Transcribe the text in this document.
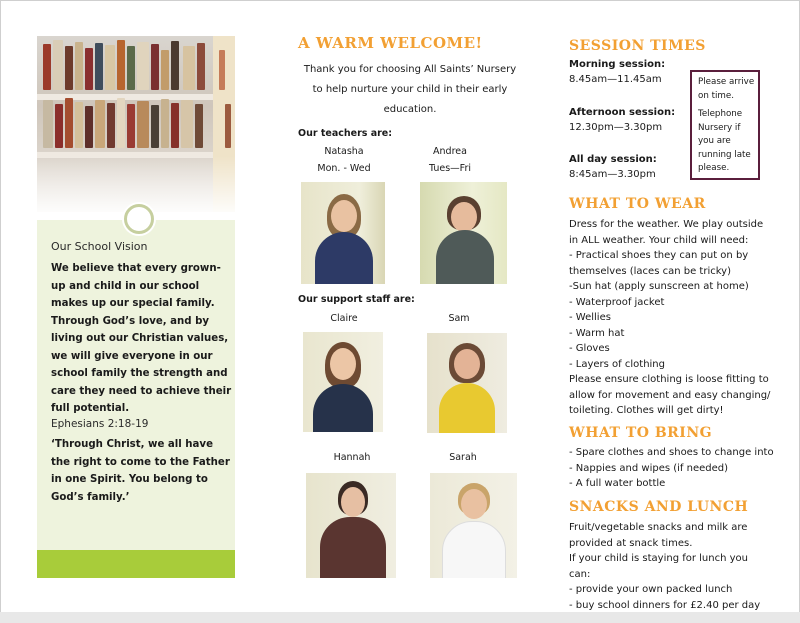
Our School Vision
We believe that every grown-up and child in our school makes up our special family. Through God’s love, and by living out our Christian values, we will give everyone in our school family the strength and care they need to achieve their full potential.
Ephesians 2:18-19
‘Through Christ, we all have the right to come to the Father in one Spirit. You belong to God’s family.’
A WARM WELCOME!
Thank you for choosing All Saints’ Nursery to help nurture your child in their early education.
Our teachers are:
Natasha
Mon. - Wed
Andrea
Tues—Fri
Our support staff are:
Claire	Sam
Hannah	Sarah
SESSION TIMES
Morning session:
8.45am—11.45am
Afternoon session:
12.30pm—3.30pm
All day session:
8:45am—3.30pm
Please arrive on time.
Telephone Nursery if you are running late please.
WHAT TO WEAR
Dress for the weather. We play outside in ALL weather. Your child will need:
- Practical shoes they can put on by themselves (laces can be tricky)
-Sun hat (apply sunscreen at home)
- Waterproof jacket
- Wellies
- Warm hat
- Gloves
- Layers of clothing
Please ensure clothing is loose fitting to allow for movement and easy changing/ toileting. Clothes will get dirty!
WHAT TO BRING
- Spare clothes and shoes to change into
- Nappies and wipes (if needed)
- A full water bottle
SNACKS AND LUNCH
Fruit/vegetable snacks and milk are provided at snack times.
If your child is staying for lunch you can:
- provide your own packed lunch
- buy school dinners for £2.40 per day
